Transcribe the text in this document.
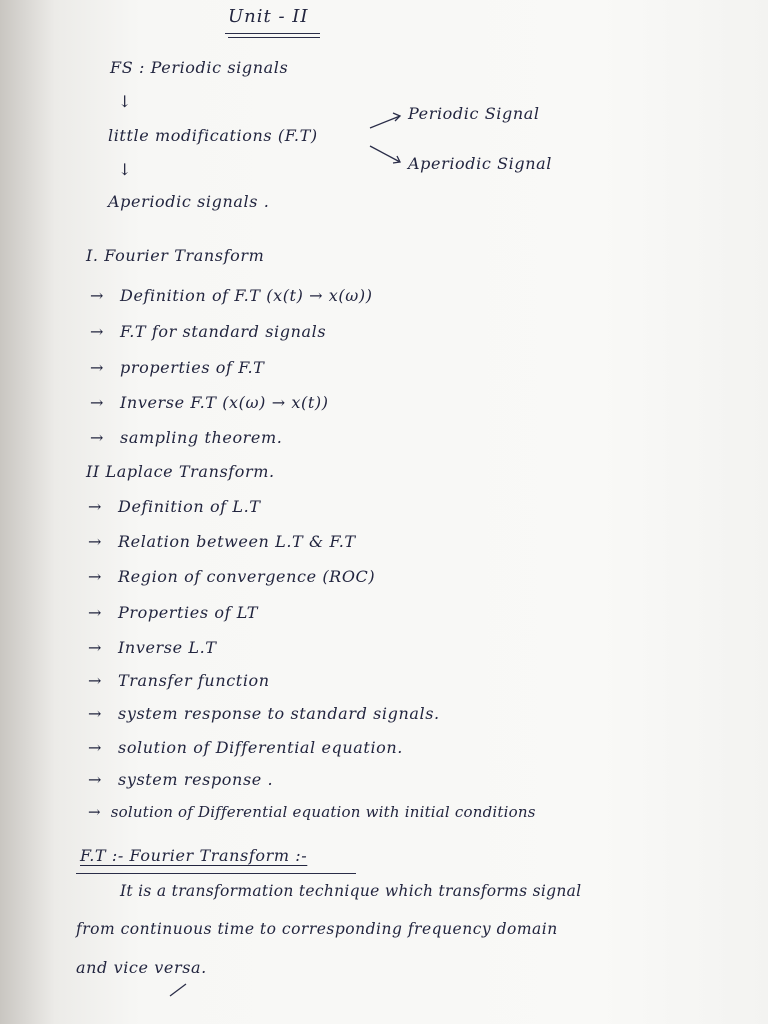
Unit - II
FS : Periodic signals
↓
little modifications (F.T)
Periodic Signal
Aperiodic Signal
↓
Aperiodic signals .
I. Fourier Transform
→ Definition of F.T (x(t) → x(ω))
→ F.T for standard signals
→ properties of F.T
→ Inverse F.T (x(ω) → x(t))
→ sampling theorem.
II Laplace Transform.
→ Definition of L.T
→ Relation between L.T & F.T
→ Region of convergence (ROC)
→ Properties of LT
→ Inverse L.T
→ Transfer function
→ system response to standard signals.
→ solution of Differential equation.
→ system response .
→ solution of Differential equation with initial conditions
F.T :- Fourier Transform :-
It is a transformation technique which transforms signal
from continuous time to corresponding frequency domain
and vice versa.
